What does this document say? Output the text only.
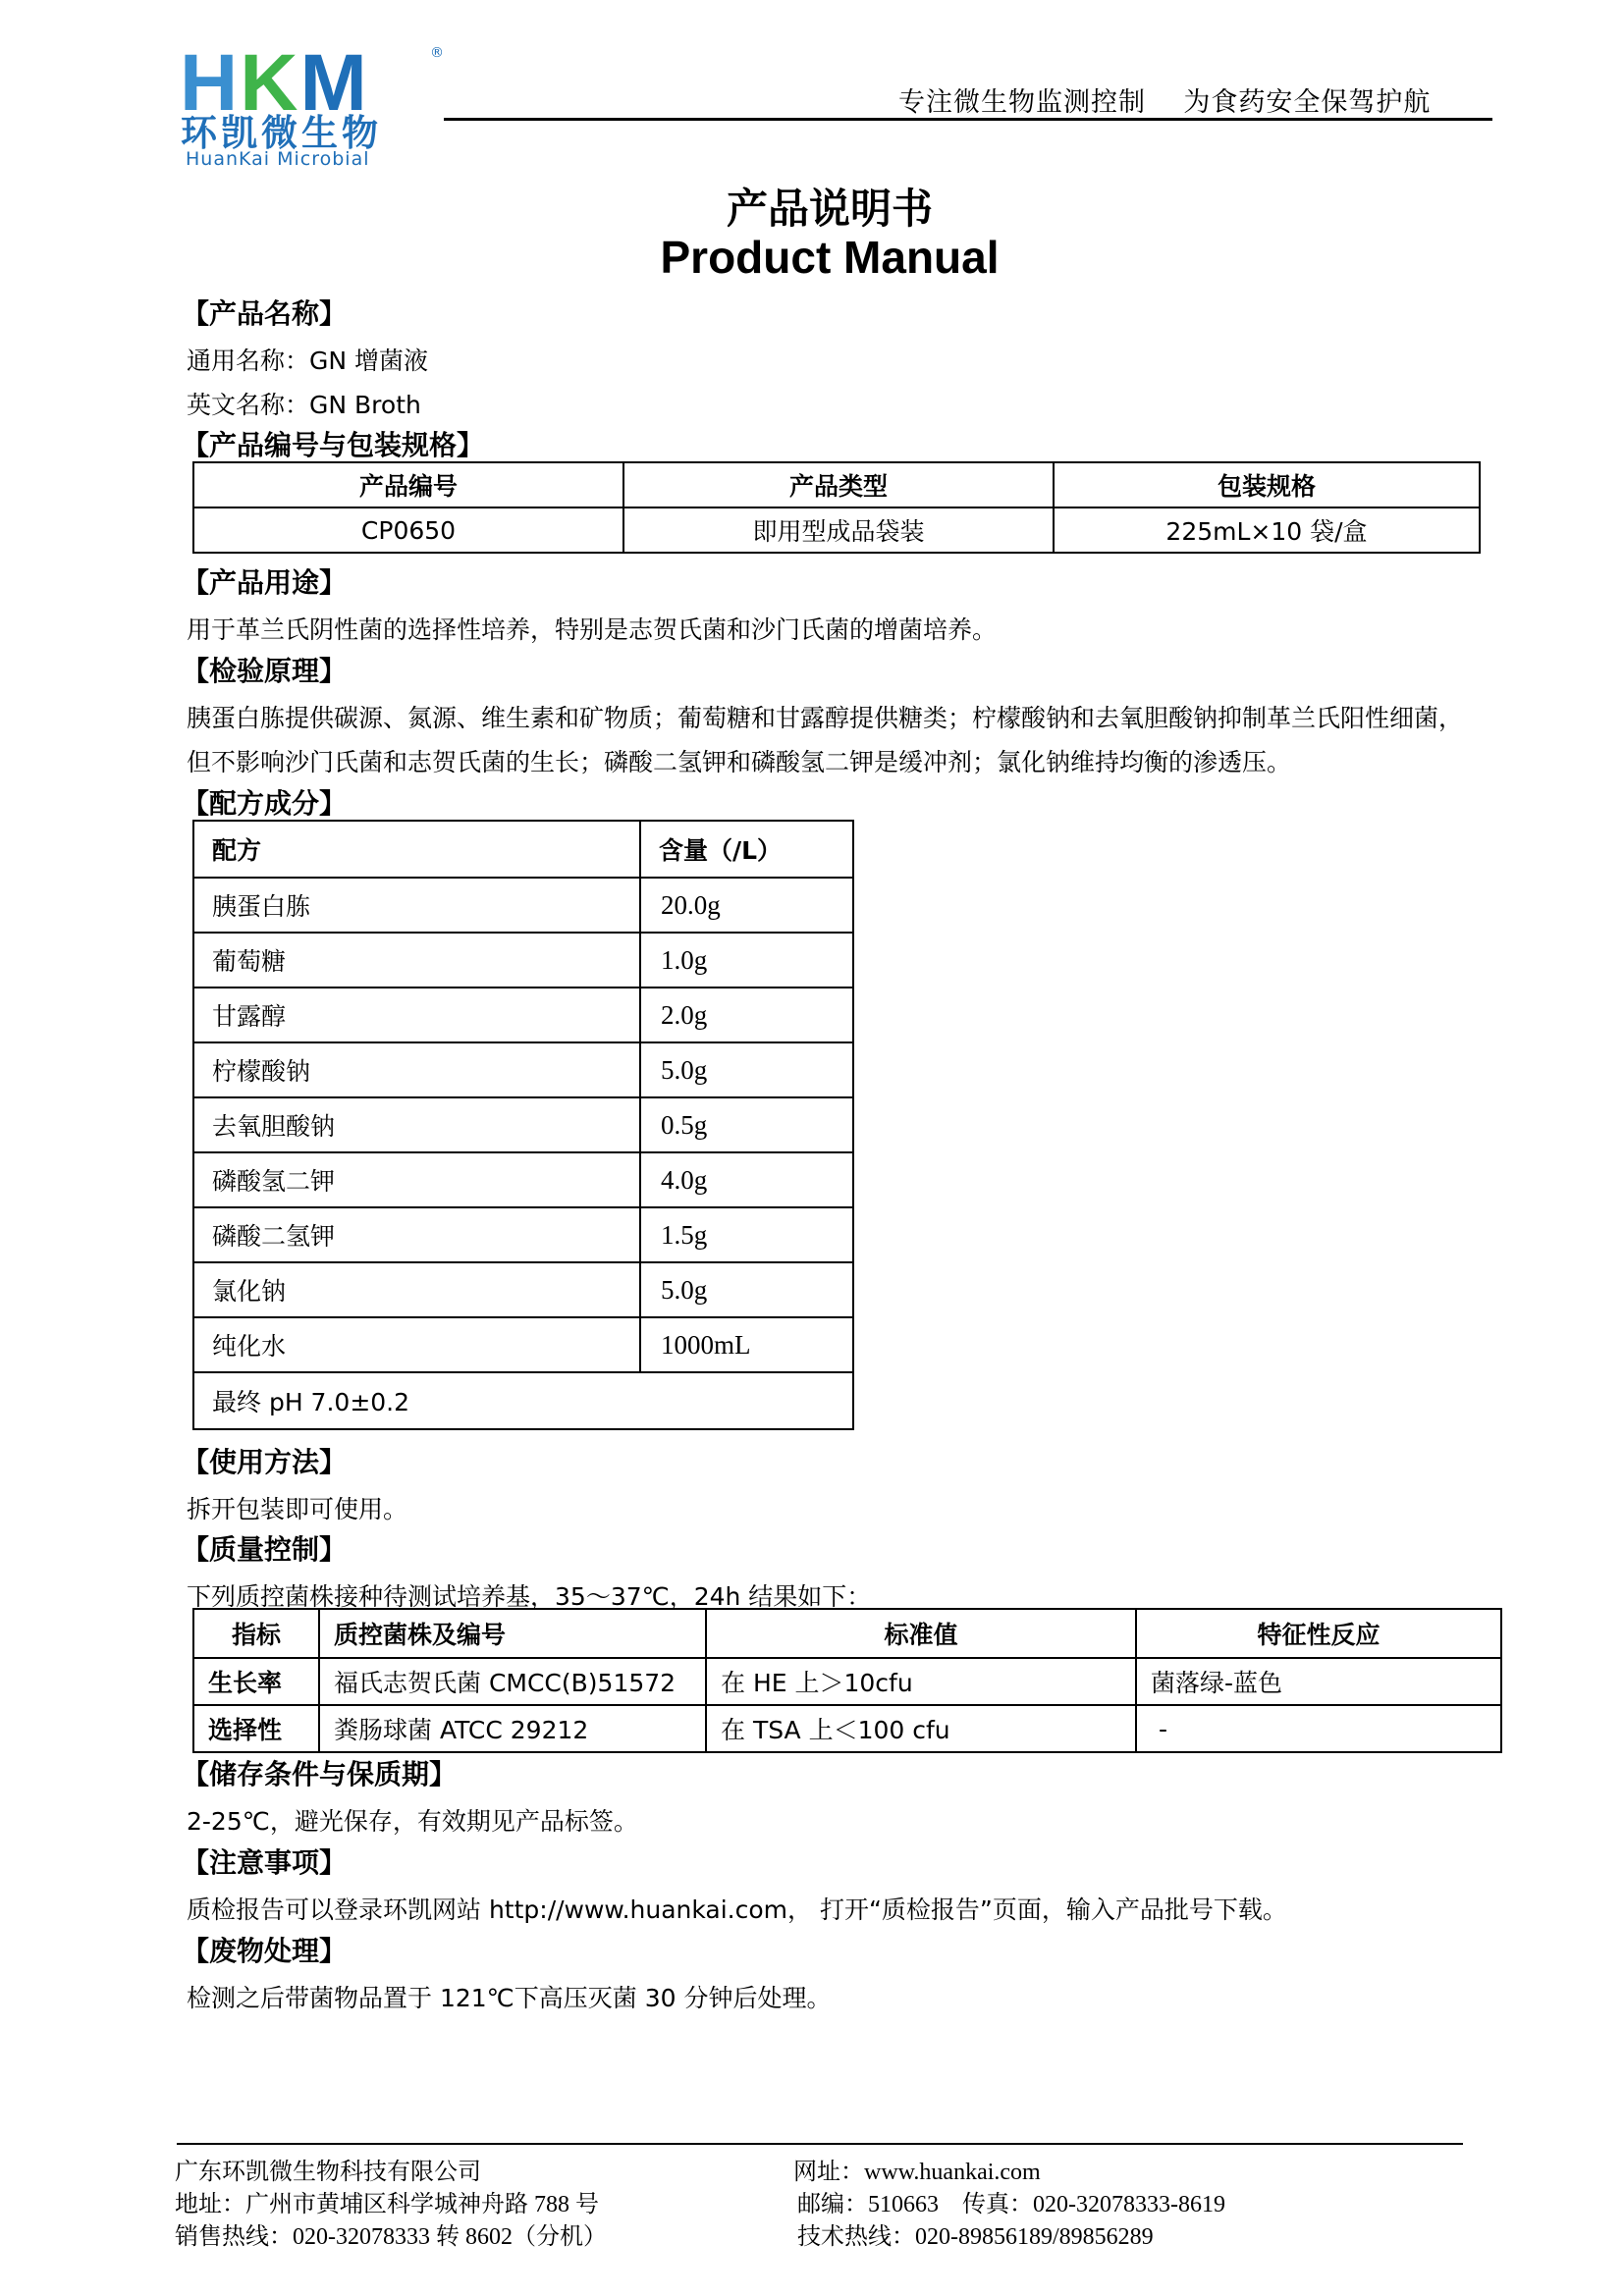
HKM	®
环凯微生物
HuanKai Microbial
专注微生物监测控制    为食药安全保驾护航
产品说明书
Product Manual
【产品名称】
通用名称：GN 增菌液
英文名称：GN Broth
【产品编号与包装规格】
产品编号	产品类型	包装规格
CP0650	即用型成品袋装	225mL×10 袋/盒
【产品用途】
用于革兰氏阴性菌的选择性培养，特别是志贺氏菌和沙门氏菌的增菌培养。
【检验原理】
胰蛋白胨提供碳源、氮源、维生素和矿物质；葡萄糖和甘露醇提供糖类；柠檬酸钠和去氧胆酸钠抑制革兰氏阳性细菌，
但不影响沙门氏菌和志贺氏菌的生长；磷酸二氢钾和磷酸氢二钾是缓冲剂；氯化钠维持均衡的渗透压。
【配方成分】
配方	含量（/L）
胰蛋白胨	20.0g
葡萄糖	1.0g
甘露醇	2.0g
柠檬酸钠	5.0g
去氧胆酸钠	0.5g
磷酸氢二钾	4.0g
磷酸二氢钾	1.5g
氯化钠	5.0g
纯化水	1000mL
最终 pH 7.0±0.2	
【使用方法】
拆开包装即可使用。
【质量控制】
下列质控菌株接种待测试培养基，35～37℃，24h 结果如下：
指标	质控菌株及编号	标准值	特征性反应
生长率	福氏志贺氏菌 CMCC(B)51572	在 HE 上＞10cfu	菌落绿-蓝色
选择性	粪肠球菌 ATCC 29212	在 TSA 上＜100 cfu	-
【储存条件与保质期】
2-25℃，避光保存，有效期见产品标签。
【注意事项】
质检报告可以登录环凯网站 http://www.huankai.com， 打开“质检报告”页面，输入产品批号下载。
【废物处理】
检测之后带菌物品置于 121℃下高压灭菌 30 分钟后处理。
广东环凯微生物科技有限公司
地址：广州市黄埔区科学城神舟路 788 号
销售热线：020-32078333 转 8602（分机）
网址：www.huankai.com
邮编：510663    传真：020-32078333-8619
技术热线：020-89856189/89856289
